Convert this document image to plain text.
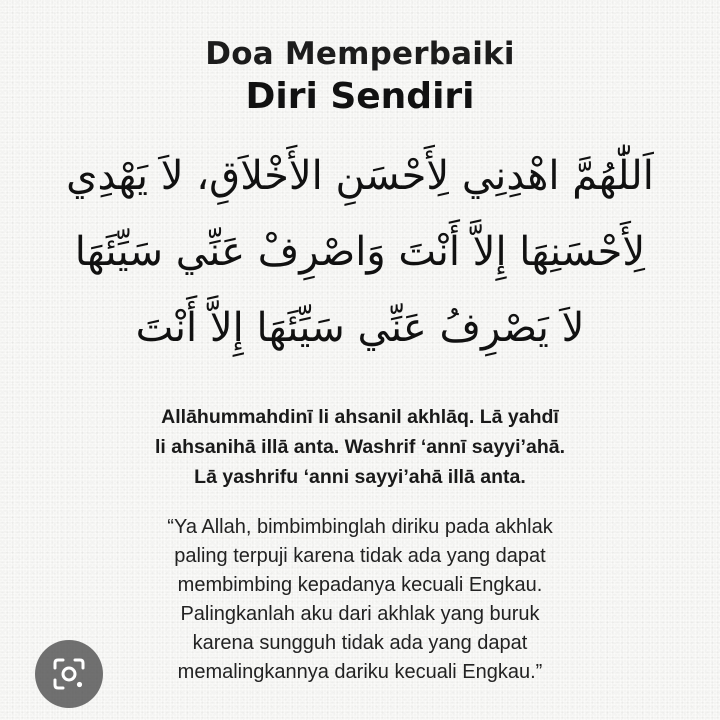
Doa Memperbaiki
Diri Sendiri
اَللّٰهُمَّ اهْدِنِي لِأَحْسَنِ الأَخْلاَقِ، لاَ يَهْدِي
لِأَحْسَنِهَا إِلاَّ أَنْتَ وَاصْرِفْ عَنِّي سَيِّئَهَا
لاَ يَصْرِفُ عَنِّي سَيِّئَهَا إِلاَّ أَنْتَ
Allāhummahdinī li ahsanil akhlāq. Lā yahdī
li ahsanihā illā anta. Washrif ‘annī sayyi’ahā.
Lā yashrifu ‘anni sayyi’ahā illā anta.
“Ya Allah, bimbimbinglah diriku pada akhlak
paling terpuji karena tidak ada yang dapat
membimbing kepadanya kecuali Engkau.
Palingkanlah aku dari akhlak yang buruk
karena sungguh tidak ada yang dapat
memalingkannya dariku kecuali Engkau.”
